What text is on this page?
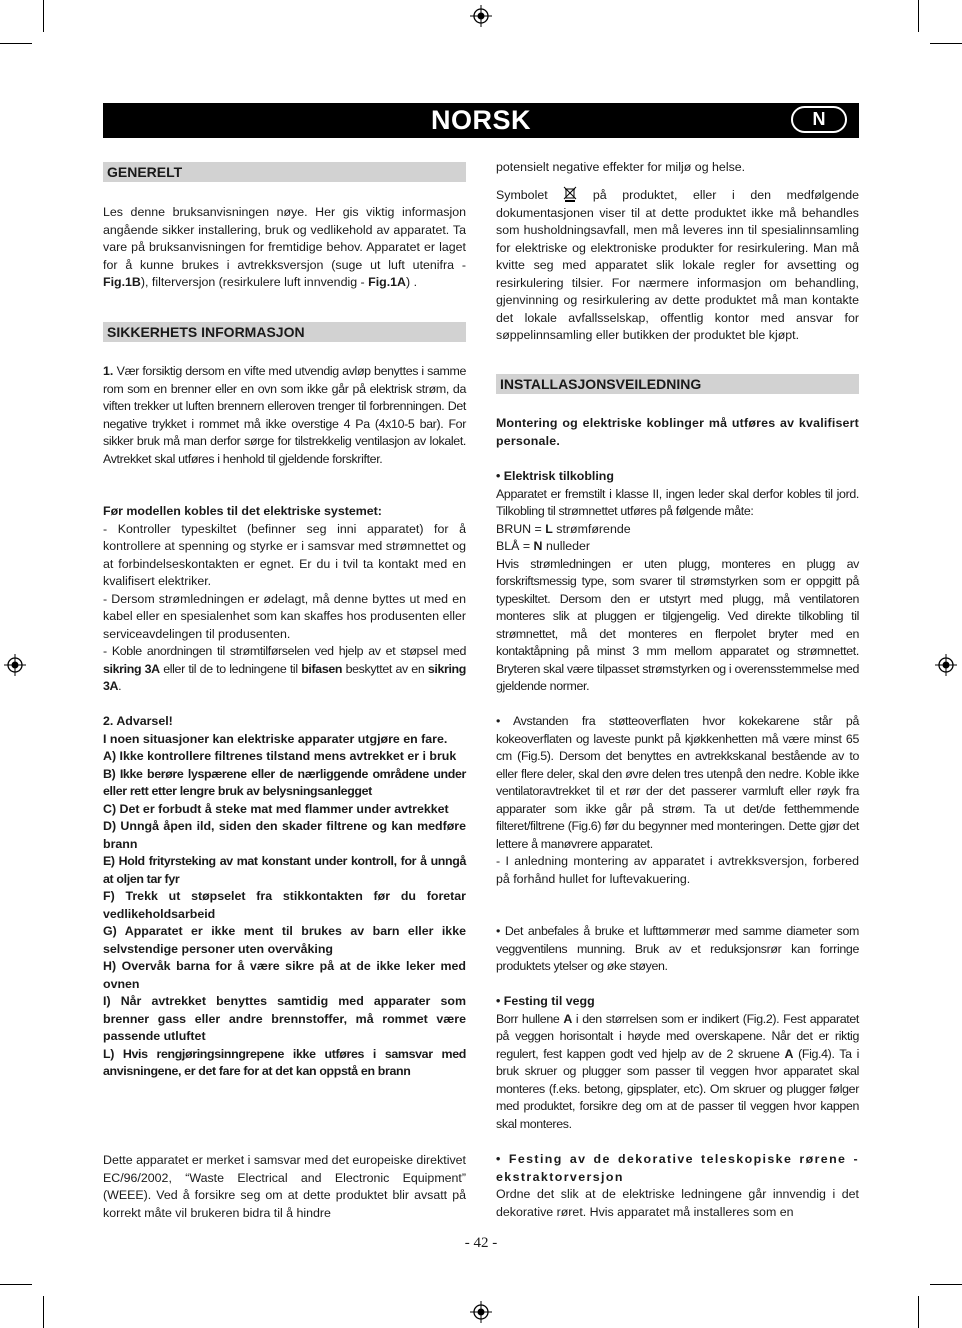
NORSK	N
GENERELT
Les denne bruksanvisningen nøye. Her gis viktig informasjon angående sikker installering, bruk og vedlikehold av apparatet. Ta vare på bruksanvisningen for fremtidige behov. Apparatet er laget for å kunne brukes i avtrekksversjon (suge ut luft utenifra - Fig.1B), filterversjon (resirkulere luft innvendig - Fig.1A) .
SIKKERHETS INFORMASJON
1. Vær forsiktig dersom en vifte med utvendig avløp benyttes i samme rom som en brenner eller en ovn som ikke går på elektrisk strøm, da viften trekker ut luften brennern elleroven trenger til forbrenningen. Det negative trykket i rommet må ikke overstige 4 Pa (4x10-5 bar). For sikker bruk må man derfor sørge for tilstrekkelig ventilasjon av lokalet. Avtrekket skal utføres i henhold til gjeldende forskrifter.

Før modellen kobles til det elektriske systemet:

- Kontroller typeskiltet (befinner seg inni apparatet) for å kontrollere at spenning og styrke er i samsvar med strømnettet og at forbindelseskontakten er egnet. Er du i tvil ta kontakt med en kvalifisert elektriker.

- Dersom strømledningen er ødelagt, må denne byttes ut med en kabel eller en spesialenhet som kan skaffes hos produsenten eller serviceavdelingen til produsenten.

- Koble anordningen til strømtilførselen ved hjelp av et støpsel med sikring 3A eller til de to ledningene til bifasen beskyttet av en sikring 3A.

2. Advarsel!

I noen situasjoner kan elektriske apparater utgjøre en fare.

A) Ikke kontrollere filtrenes tilstand mens avtrekket er i bruk

B) Ikke berøre lyspærene eller de nærliggende områdene under eller rett etter lengre bruk av belysningsanlegget

C) Det er forbudt å steke mat med flammer under avtrekket

D) Unngå åpen ild, siden den skader filtrene og kan medføre brann

E) Hold frityrsteking av mat konstant under kontroll, for å unngå at oljen tar fyr

F) Trekk ut støpselet fra stikkontakten før du foretar vedlikeholdsarbeid

G) Apparatet er ikke ment til brukes av barn eller ikke selvstendige personer uten overvåking

H) Overvåk barna for å være sikre på at de ikke leker med ovnen

I) Når avtrekket benyttes samtidig med apparater som brenner gass eller andre brennstoffer, må rommet være passende utluftet

L) Hvis rengjøringsinngrepene ikke utføres i samsvar med anvisningene, er det fare for at det kan oppstå en brann

Dette apparatet er merket i samsvar med det europeiske direktivet EC/96/2002, “Waste Electrical and Electronic Equipment” (WEEE). Ved å forsikre seg om at dette produktet blir avsatt på korrekt måte vil brukeren bidra til å hindre
potensielt negative effekter for miljø og helse.
Symbolet  på produktet, eller i den medfølgende dokumentasjonen viser til at dette produktet ikke må behandles som husholdningsavfall, men må leveres inn til spesialinnsamling for elektriske og elektroniske produkter for resirkulering. Man må kvitte seg med apparatet slik lokale regler for avsetting og resirkulering tilsier. For nærmere informasjon om behandling, gjenvinning og resirkulering av dette produktet må man kontakte det lokale avfallsselskap, offentlig kontor med ansvar for søppelinnsamling eller butikken der produktet ble kjøpt.
INSTALLASJONSVEILEDNING
Montering og elektriske koblinger må utføres av kvalifisert personale.

• Elektrisk tilkobling

Apparatet er fremstilt i klasse II, ingen leder skal derfor kobles til jord. Tilkobling til strømnettet utføres på følgende måte:

BRUN = L strømførende

BLÅ = N nulleder

Hvis strømledningen er uten plugg, monteres en plugg av forskriftsmessig type, som svarer til strømstyrken som er oppgitt på typeskiltet. Dersom den er utstyrt med plugg, må ventilatoren monteres slik at pluggen er tilgjengelig. Ved direkte tilkobling til strømnettet, må det monteres en flerpolet bryter med en kontaktåpning på minst 3 mm mellom apparatet og strømnettet. Bryteren skal være tilpasset strømstyrken og i overensstemmelse med gjeldende normer.

• Avstanden fra støtteoverflaten hvor kokekarene står på kokeoverflaten og laveste punkt på kjøkkenhetten må være minst 65 cm (Fig.5). Dersom det benyttes en avtrekkskanal bestående av to eller flere deler, skal den øvre delen tres utenpå den nedre. Koble ikke ventilatoravtrekket til et rør der det passerer varmluft eller røyk fra apparater som ikke går på strøm. Ta ut det/de fetthemmende filteret/filtrene (Fig.6) før du begynner med monteringen. Dette gjør det lettere å manøvrere apparatet.

- I anledning montering av apparatet i avtrekksversjon, forbered på forhånd hullet for luftevakuering.

• Det anbefales å bruke et lufttømmerør med samme diameter som veggventilens munning. Bruk av et reduksjonsrør kan forringe produktets ytelser og øke støyen.

• Festing til vegg

Borr hullene A i den størrelsen som er indikert (Fig.2). Fest apparatet på veggen horisontalt i høyde med overskapene. Når det er riktig regulert, fest kappen godt ved hjelp av de 2 skruene A (Fig.4). Ta i bruk skruer og plugger som passer til veggen hvor apparatet skal monteres (f.eks. betong, gipsplater, etc). Om skruer og plugger følger med produktet, forsikre deg om at de passer til veggen hvor kappen skal monteres.

• Festing av de dekorative teleskopiske rørene - ekstraktorversjon

Ordne det slik at de elektriske ledningene går innvendig i det dekorative røret. Hvis apparatet må installeres som en

- 42 -
